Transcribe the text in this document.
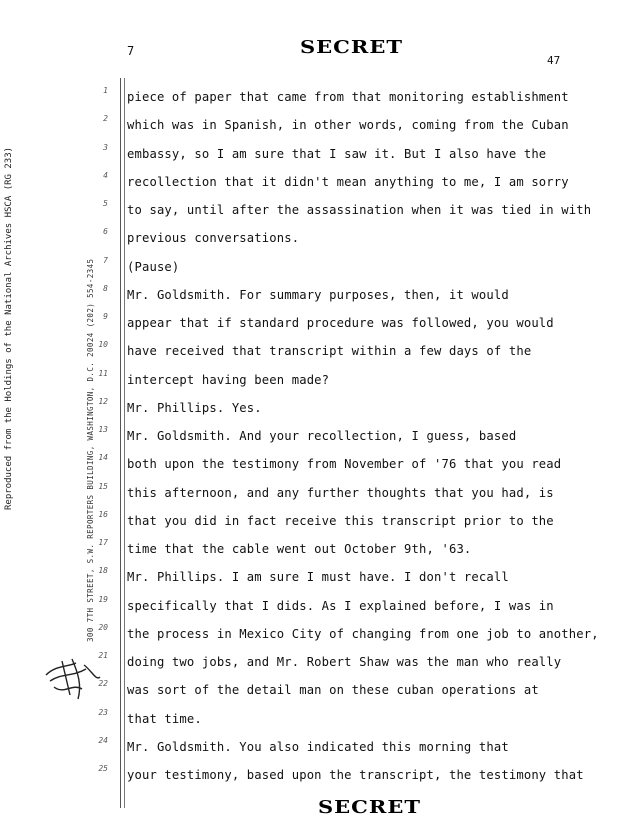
Reproduced from the Holdings of the National Archives HSCA (RG 233)	300 7TH STREET, S.W. REPORTERS BUILDING, WASHINGTON, D.C. 20024 (202) 554-2345
7	SECRET
47
1
2
3
4
5
6
7
8
9
10
11
12
13
14
15
16
17
18
19
20
21
22
23
24
25

piece of paper that came from that monitoring establishment

which was in Spanish, in other words, coming from the Cuban

embassy, so I am sure that I saw it. But I also have the

recollection that it didn't mean anything to me, I am sorry

to say, until after the assassination when it was tied in with

previous conversations.

(Pause)

Mr. Goldsmith. For summary purposes, then, it would

appear that if standard procedure was followed, you would

have received that transcript within a few days of the

intercept having been made?

Mr. Phillips. Yes.

Mr. Goldsmith. And your recollection, I guess, based

both upon the testimony from November of '76 that you read

this afternoon, and any further thoughts that you had, is

that you did in fact receive this transcript prior to the

time that the cable went out October 9th, '63.

Mr. Phillips. I am sure I must have. I don't recall

specifically that I dids. As I explained before, I was in

the process in Mexico City of changing from one job to another,

doing two jobs, and Mr. Robert Shaw was the man who really

was sort of the detail man on these cuban operations at

that time.

Mr. Goldsmith. You also indicated this morning that

your testimony, based upon the transcript, the testimony that

SECRET
